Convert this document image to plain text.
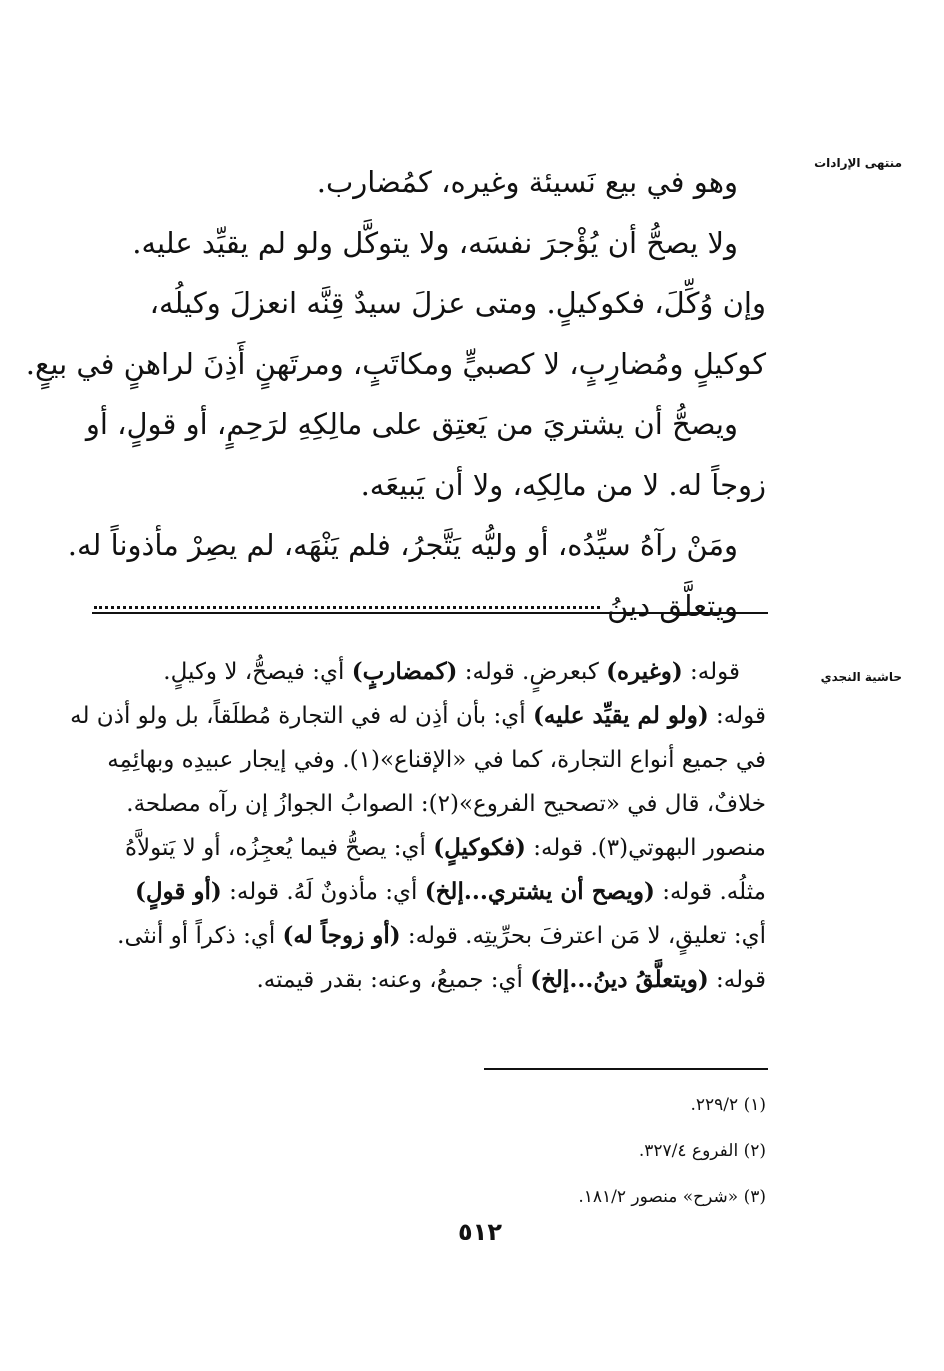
منتهى الإرادات
حاشية النجدي
وهو في بيع نَسيئة وغيره، كمُضارب.
ولا يصحُّ أن يُؤْجرَ نفسَه، ولا يتوكَّل ولو لم يقيِّد عليه.
وإن وُكِّلَ، فكوكيلٍ. ومتى عزلَ سيدٌ قِنَّه انعزلَ وكيلُه،
كوكيلٍ ومُضارِبٍ، لا كصبيٍّ ومكاتَبٍ، ومرتَهنٍ أَذِنَ لراهنٍ في بيعٍ.
ويصحُّ أن يشتريَ من يَعتِق على مالِكِهِ لرَحِمٍ، أو قولٍ، أو
زوجاً له. لا من مالِكِه، ولا أن يَبيعَه.
ومَنْ رآهُ سيِّدُه، أو وليُّه يَتَّجرُ، فلم يَنْهَه، لم يصِرْ مأذوناً له.
ويتعلَّق دينُ
قوله: (وغيره) كبعرضٍ. قوله: (كمضاربٍ) أي: فيصحُّ، لا وكيلٍ.
قوله: (ولو لم يقيِّد عليه) أي: بأن أذِن له في التجارة مُطلَقاً، بل ولو أذن له
في جميع أنواع التجارة، كما في «الإقناع»(١). وفي إيجار عبيدِه وبهائِمِه
خلافٌ، قال في «تصحيح الفروع»(٢): الصوابُ الجوازُ إن رآه مصلحة.
منصور البهوتي(٣). قوله: (فكوكيلٍ) أي: يصحُّ فيما يُعجِزُه، أو لا يَتولاَّهُ
مثلُه. قوله: (ويصح أن يشتري...إلخ) أي: مأذونٌ لَهُ. قوله: (أو قولٍ)
أي: تعليقٍ، لا مَن اعترفَ بحرِّيتِه. قوله: (أو زوجاً له) أي: ذكراً أو أنثى.
قوله: (ويتعلَّقُ دينُ...إلخ) أي: جميعُ، وعنه: بقدر قيمته.
(١) ٢٢٩/٢.
(٢) الفروع ٣٢٧/٤.
(٣) «شرح» منصور ١٨١/٢.
٥١٢
